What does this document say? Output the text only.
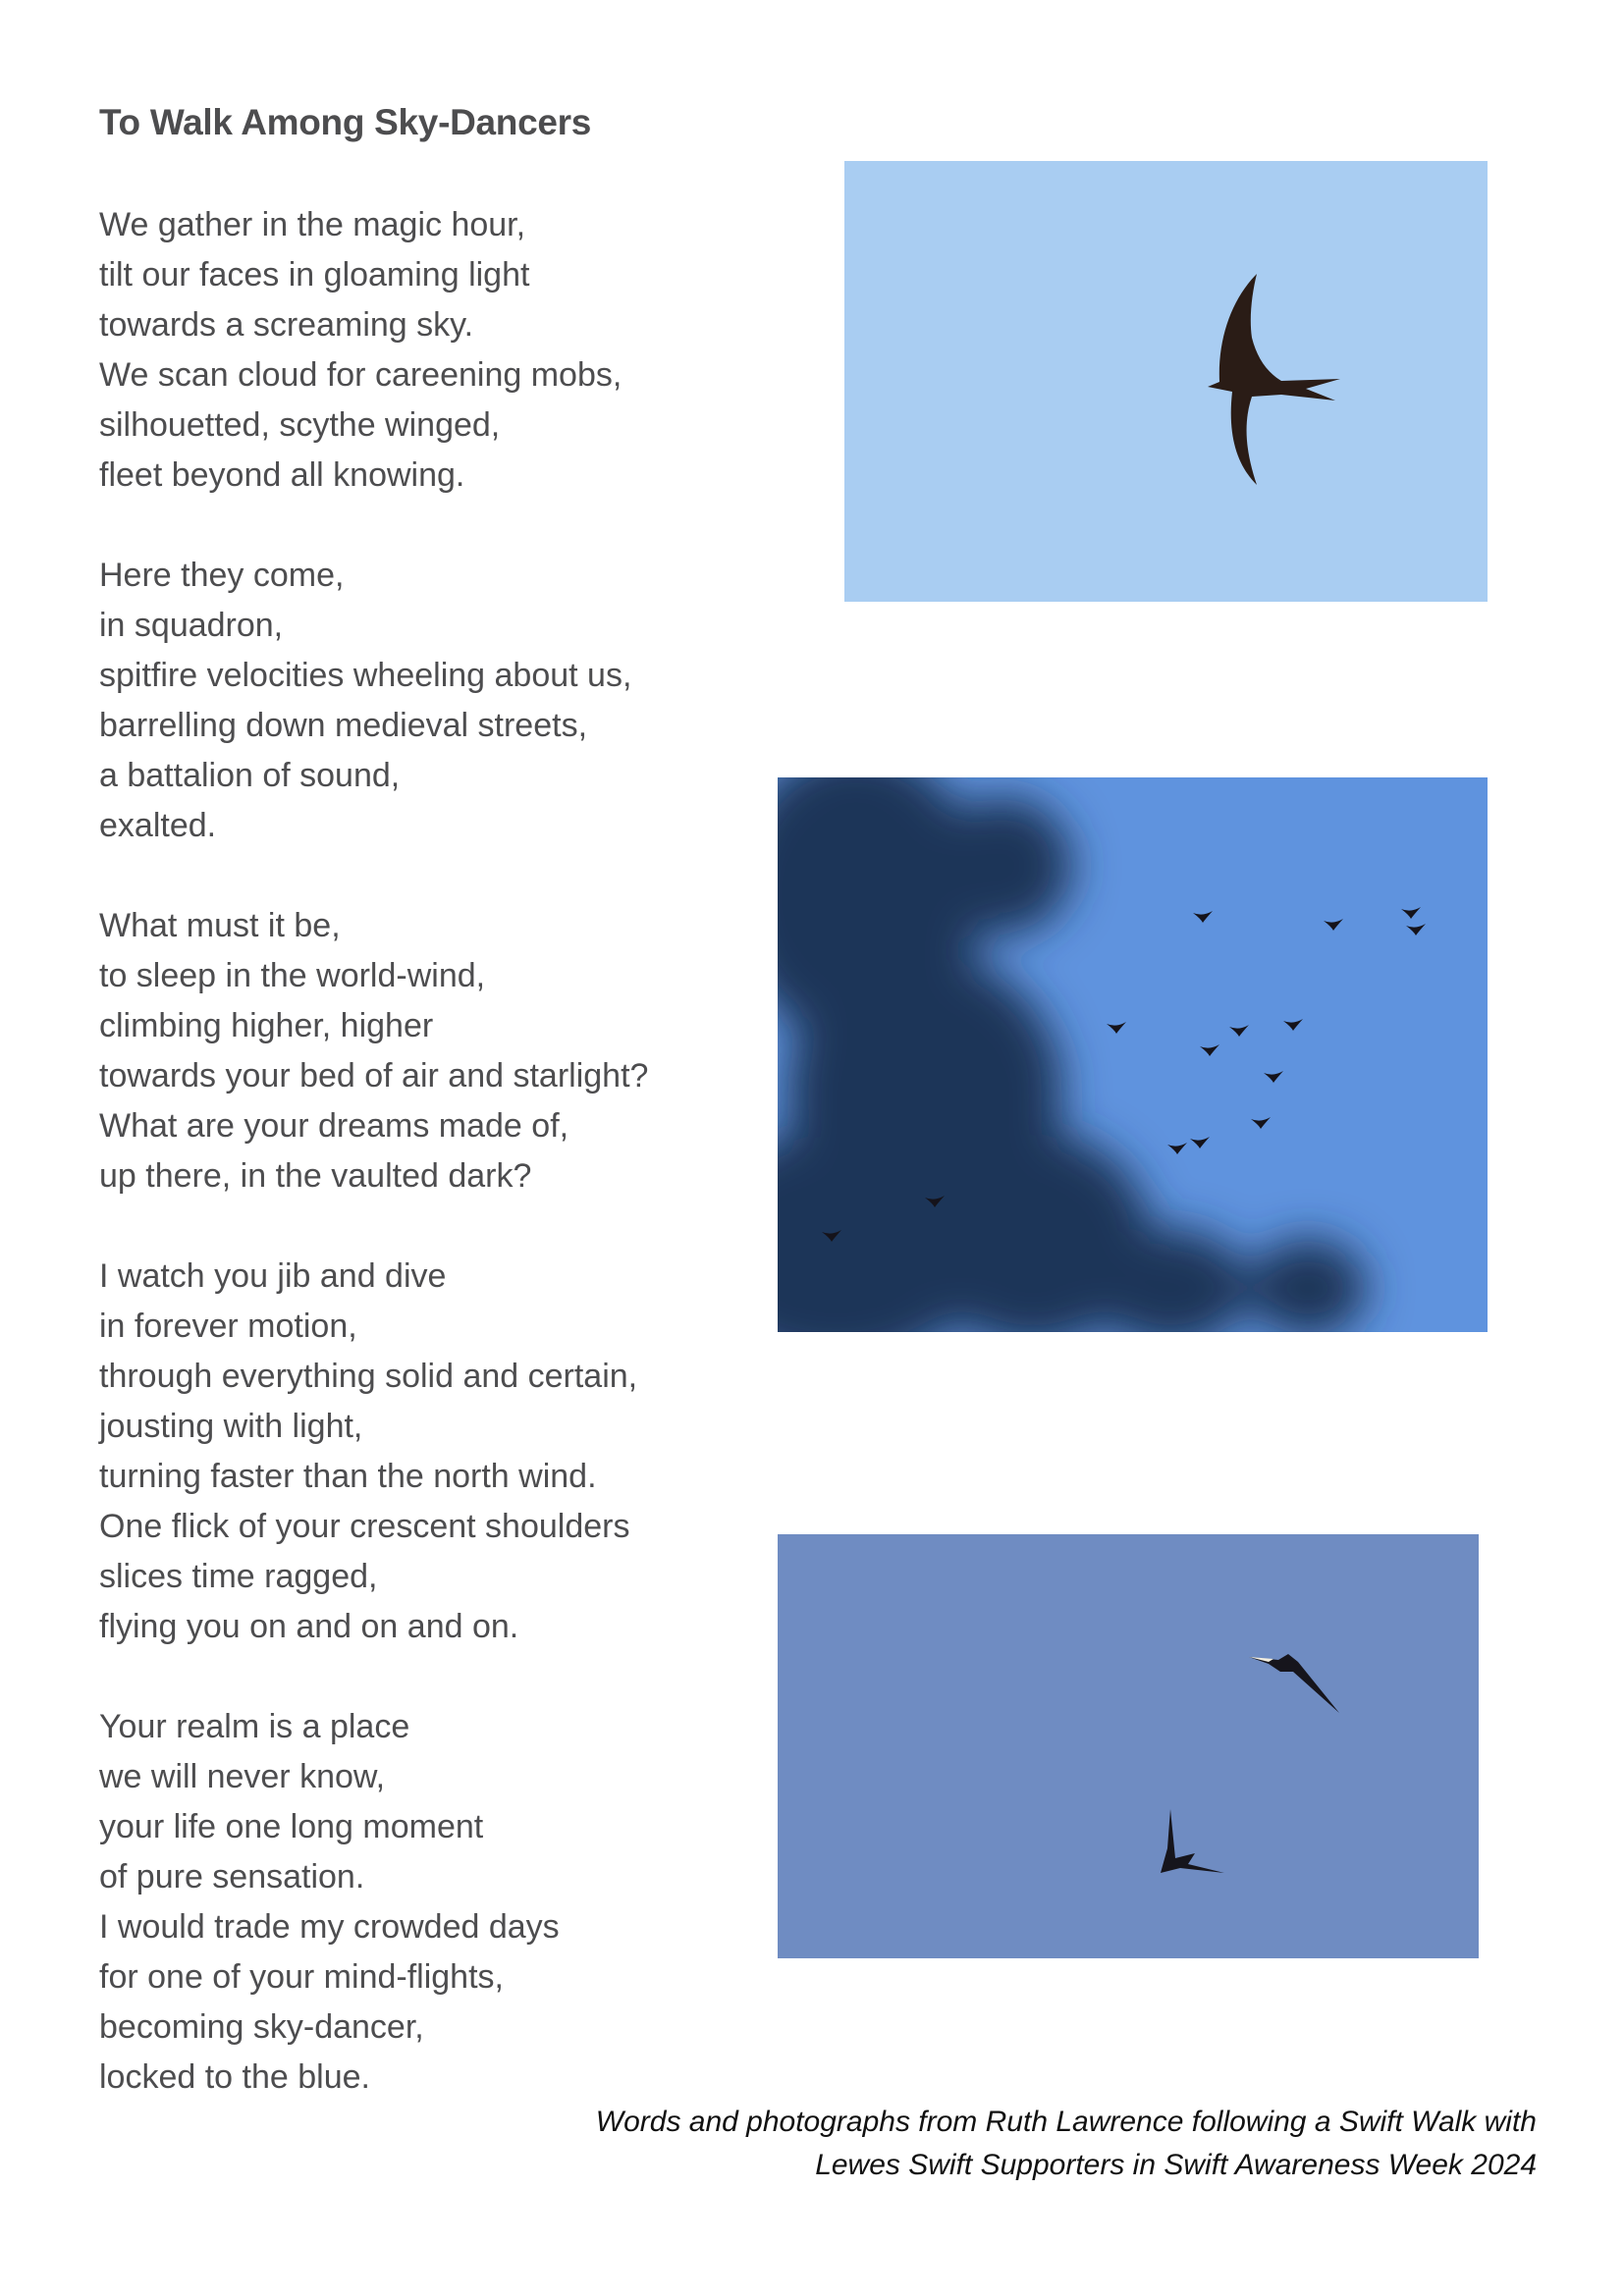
To Walk Among Sky-Dancers
We gather in the magic hour,
tilt our faces in gloaming light
towards a screaming sky.
We scan cloud for careening mobs,
silhouetted, scythe winged,
fleet beyond all knowing.
Here they come,
in squadron,
spitfire velocities wheeling about us,
barrelling down medieval streets,
a battalion of sound,
exalted.
What must it be,
to sleep in the world-wind,
climbing higher, higher
towards your bed of air and starlight?
What are your dreams made of,
up there, in the vaulted dark?
I watch you jib and dive
in forever motion,
through everything solid and certain,
jousting with light,
turning faster than the north wind.
One flick of your crescent shoulders
slices time ragged,
flying you on and on and on.
Your realm is a place
we will never know,
your life one long moment
of pure sensation.
I would trade my crowded days
for one of your mind-flights,
becoming sky-dancer,
locked to the blue.
Words and photographs from Ruth Lawrence following a Swift Walk with
Lewes Swift Supporters in Swift Awareness Week 2024
